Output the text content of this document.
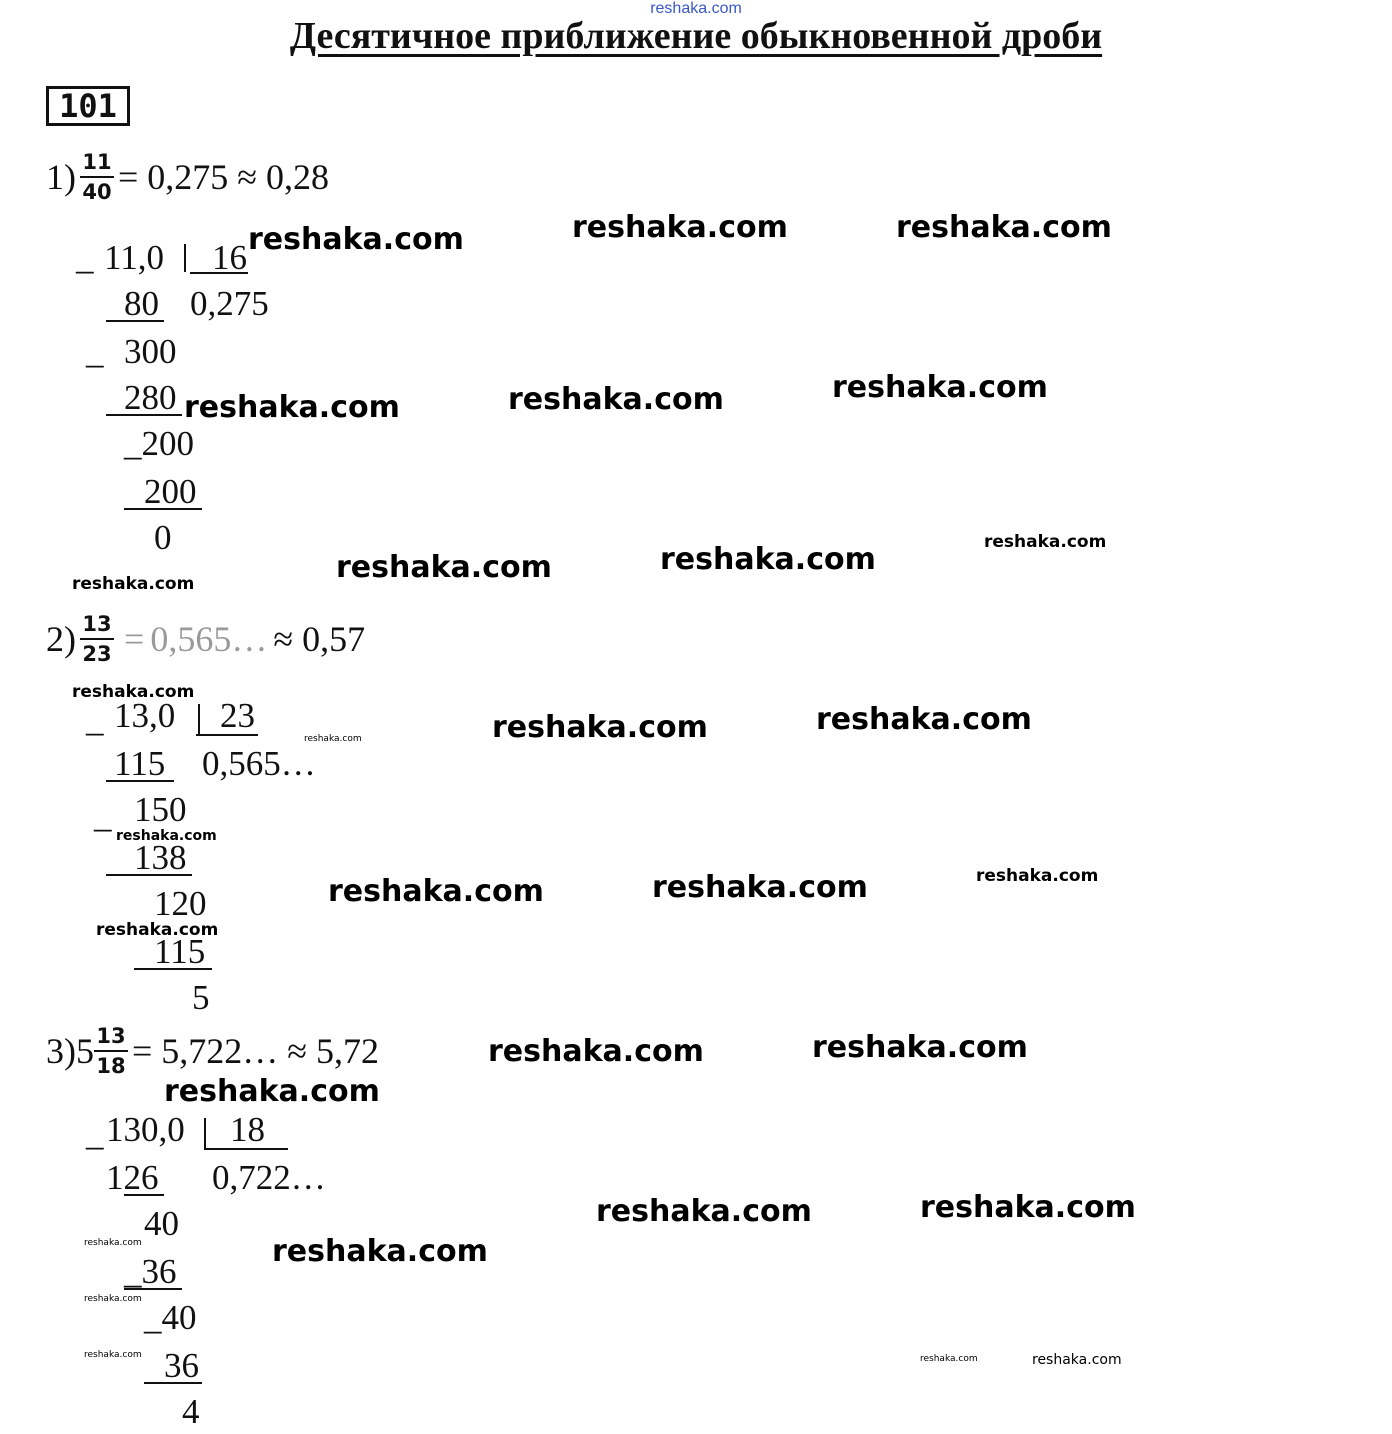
reshaka.com
Десятичное приближение обыкновенной дроби
101
$1) \frac{11}{40} = 0,275 \approx 0,28$
_ 11,0 16
0,275
80
_ 300
280
_200
200
0
$2) \frac{13}{23}$ = 0,565… ≈ 0,57
_ 13,0 23
0,565…
115
_ 150
138
120
115
5
3) $5 \frac{13}{18}$ = 5,722… ≈ 5,72
_ 130,0 18
0,722…
126
40
_36
_40
36
4
reshaka.com	reshaka.com	reshaka.com
reshaka.com	reshaka.com	reshaka.com
reshaka.com
reshaka.com	reshaka.com	reshaka.com
reshaka.com
reshaka.com	reshaka.com	reshaka.com
reshaka.com
reshaka.com
reshaka.com	reshaka.com
reshaka.com
reshaka.com	reshaka.com
reshaka.com
reshaka.com	reshaka.com
reshaka.com
reshaka.com
reshaka.com
reshaka.com	reshaka.com	reshaka.com
